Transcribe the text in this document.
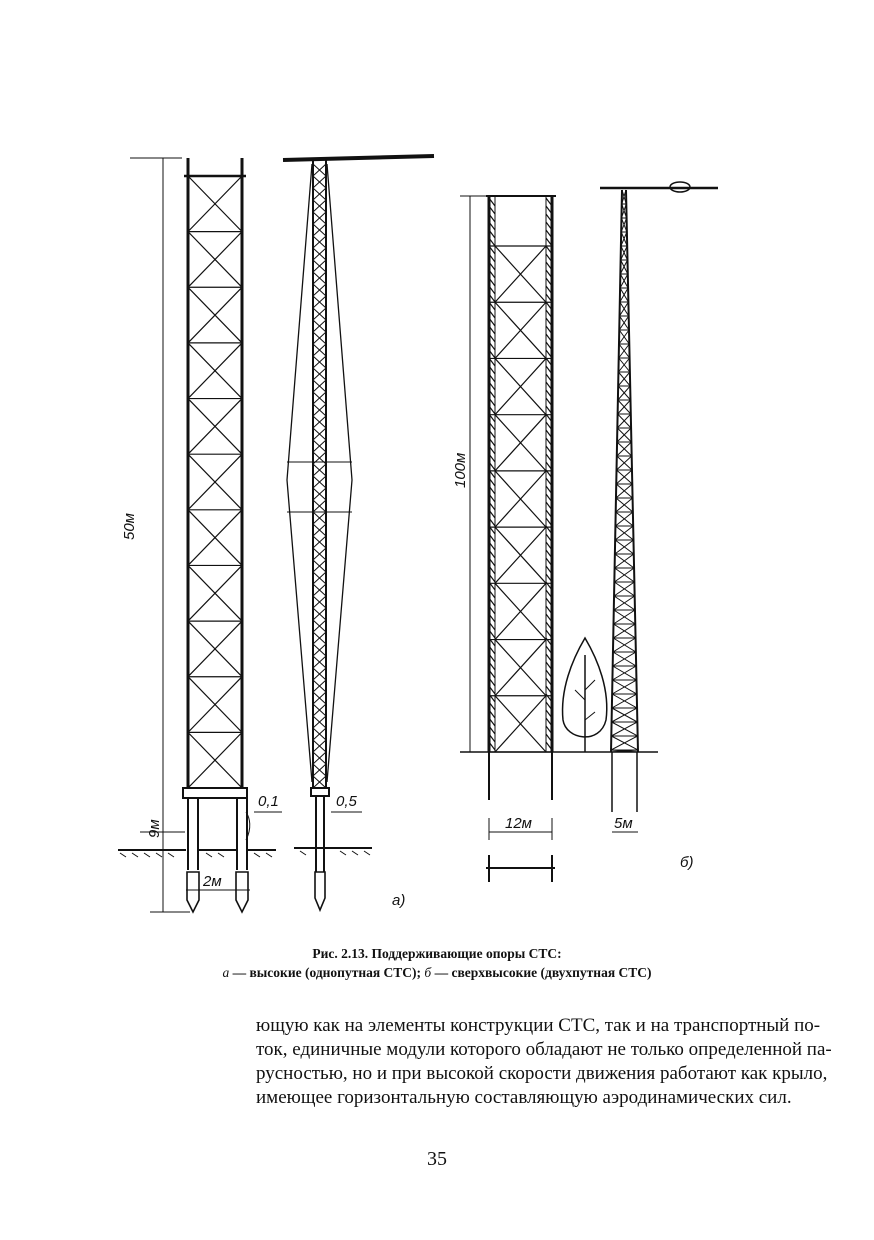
50м
9м
2м
0,1	0,5
а)
100м
12м	5м
б)
Рис. 2.13. Поддерживающие опоры СТС:
а — высокие (однопутная СТС); б — сверхвысокие (двухпутная СТС)
ющую как на элементы конструкции СТС, так и на транспортный по-
ток, единичные модули которого обладают не только определенной па-
русностью, но и при высокой скорости движения работают как крыло,
имеющее горизонтальную составляющую аэродинамических сил.
35
